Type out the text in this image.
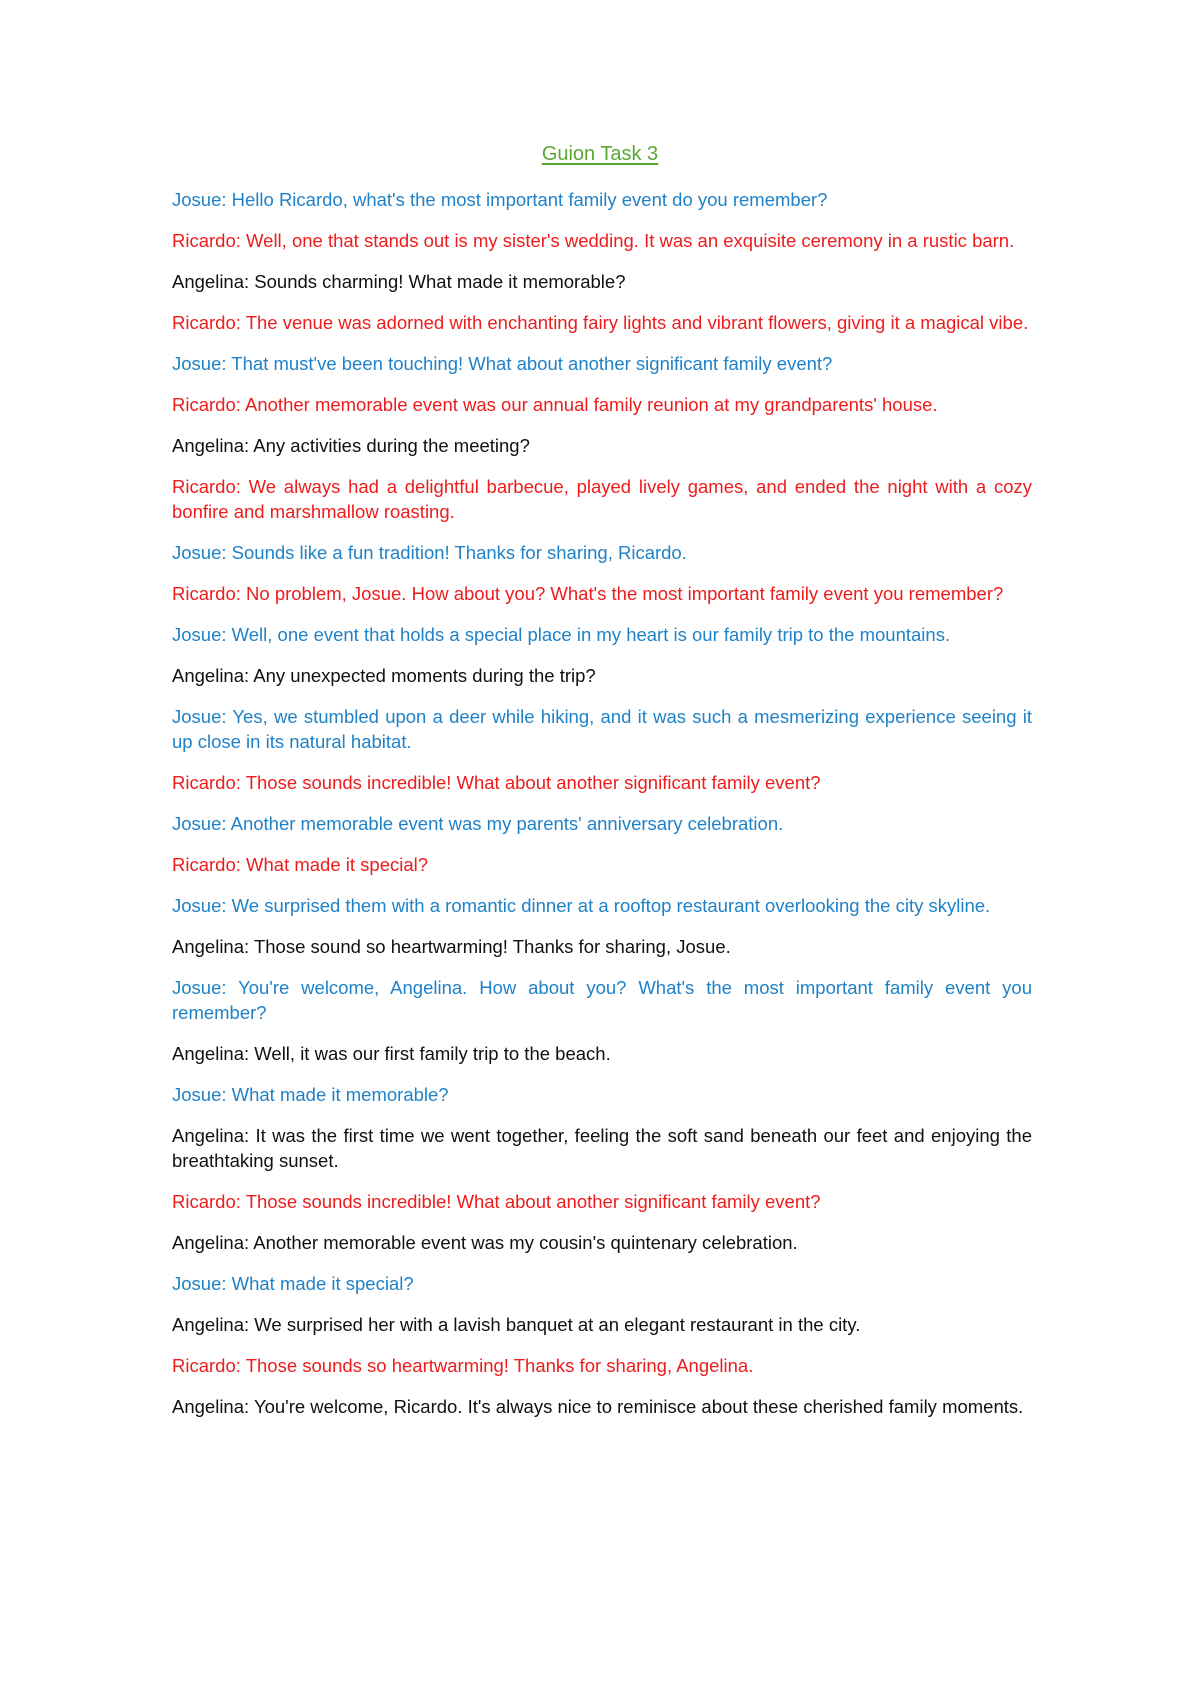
Guion Task 3

Josue: Hello Ricardo, what's the most important family event do you remember?

Ricardo: Well, one that stands out is my sister's wedding. It was an exquisite ceremony in a rustic barn.

Angelina: Sounds charming! What made it memorable?

Ricardo: The venue was adorned with enchanting fairy lights and vibrant flowers, giving it a magical vibe.

Josue: That must've been touching! What about another significant family event?

Ricardo: Another memorable event was our annual family reunion at my grandparents' house.

Angelina: Any activities during the meeting?

Ricardo: We always had a delightful barbecue, played lively games, and ended the night with a cozy bonfire and marshmallow roasting.

Josue: Sounds like a fun tradition! Thanks for sharing, Ricardo.

Ricardo: No problem, Josue. How about you? What's the most important family event you remember?

Josue: Well, one event that holds a special place in my heart is our family trip to the mountains.

Angelina: Any unexpected moments during the trip?

Josue: Yes, we stumbled upon a deer while hiking, and it was such a mesmerizing experience seeing it up close in its natural habitat.

Ricardo: Those sounds incredible! What about another significant family event?

Josue: Another memorable event was my parents' anniversary celebration.

Ricardo: What made it special?

Josue: We surprised them with a romantic dinner at a rooftop restaurant overlooking the city skyline.

Angelina: Those sound so heartwarming! Thanks for sharing, Josue.

Josue: You're welcome, Angelina. How about you? What's the most important family event you remember?

Angelina: Well, it was our first family trip to the beach.

Josue: What made it memorable?

Angelina: It was the first time we went together, feeling the soft sand beneath our feet and enjoying the breathtaking sunset.

Ricardo: Those sounds incredible! What about another significant family event?

Angelina: Another memorable event was my cousin's quintenary celebration.

Josue: What made it special?

Angelina: We surprised her with a lavish banquet at an elegant restaurant in the city.

Ricardo: Those sounds so heartwarming! Thanks for sharing, Angelina.

Angelina: You're welcome, Ricardo. It's always nice to reminisce about these cherished family moments.
